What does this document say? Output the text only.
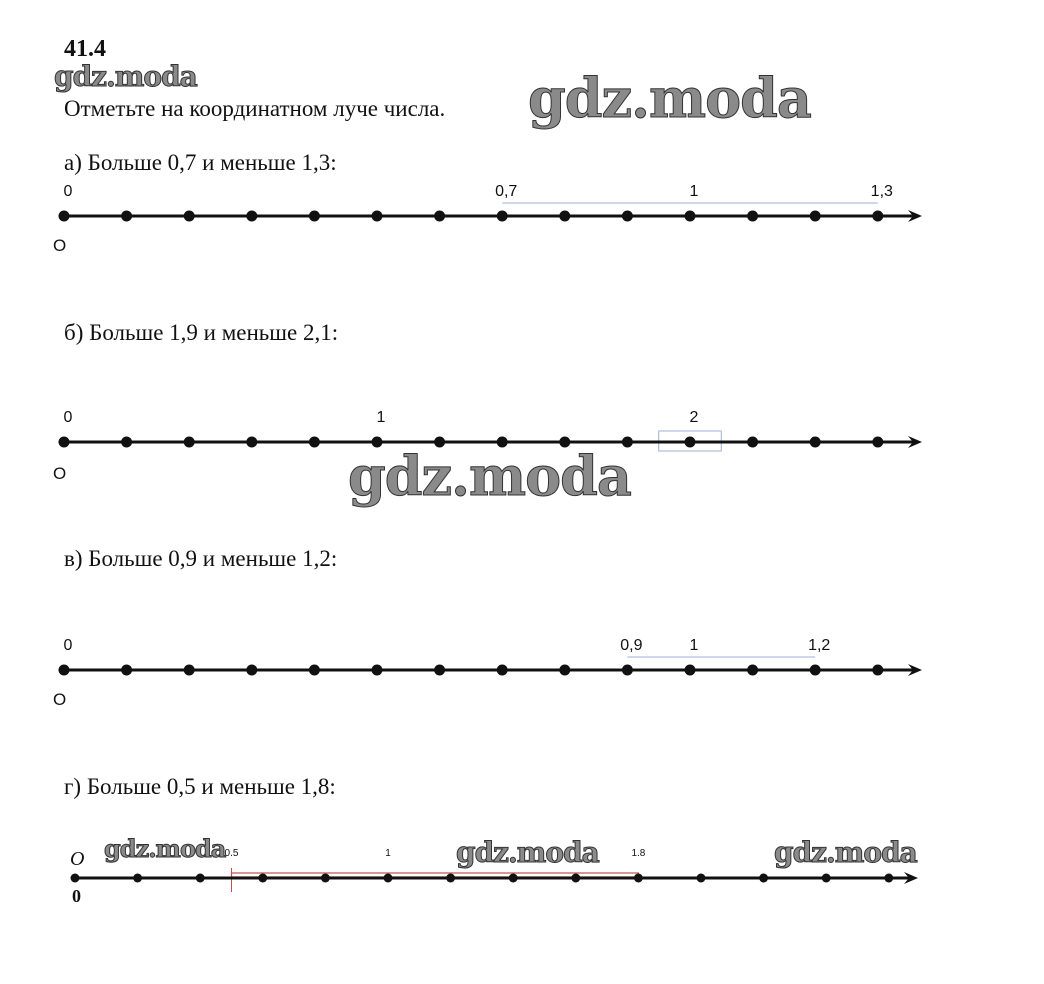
41.4
gdz.moda
Отметьте на координатном луче числа. gdz.moda
а) Больше 0,7 и меньше 1,3:
б) Больше 1,9 и меньше 2,1:
в) Больше 0,9 и меньше 1,2:
г) Больше 0,5 и меньше 1,8:
О
О
О
O
0
0	0,7	1	1,3
0	1	2
0	0,9	1	1,2
0.5	1	1.8
gdz.moda
gdz.moda	gdz.moda	gdz.moda
